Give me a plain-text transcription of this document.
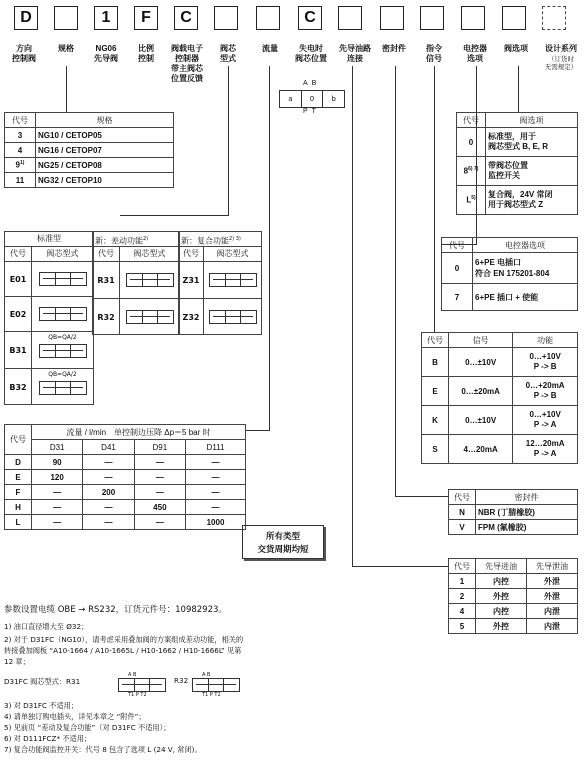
D	1	F	C	C
方向
控制阀
规格	NG06
先导阀
比例
控制
阀载电子
控制器
带主阀芯
位置反馈
阀芯
型式
流量	失电时
阀芯位置
先导油路
连接
密封件	指令
信号
电控器
选项
阀选项	设计系列
（订货时
无需规定）
A B
a	0	b
P T
代号	规格
3	NG10 / CETOP05
4	NG16 / CETOP07
9$^{1)}$	NG25 / CETOP08
11	NG32 / CETOP10
标准型
代号	阀芯型式
E01
E02
B31
QB=QA/2
B32
QB=QA/2
新：差动功能$^{2)}$
代号	阀芯型式
R31
R32
新：复合功能$^{2) 3)}$
代号	阀芯型式
Z31
Z32
代号	流量 / l/min　单控制边压降 Δp＝5 bar 时			
	D31	D41	D91	D111
D	90	—	—	—
E	120	—	—	—
F	—	200	—	—
H	—	—	450	—
L	—	—	—	1000
所有类型
交货周期均短
代号	阀选项
0	标准型，用于
阀芯型式 B, E, R
$8^{6) 7)}$	带阀芯位置
监控开关
$L^{5)}$	复合阀，24V 常闭
用于阀芯型式 Z
代号	电控器选项
0	6+PE 电插口
符合 EN 175201-804
7	6+PE 插口 + 使能
代号	信号	功能
B	0…±10V	0…+10V
P -> B
E	0…±20mA	0…+20mA
P -> B
K	0…±10V	0…+10V
P -> A
S	4…20mA	12…20mA
P -> A
代号	密封件
N	NBR (丁腈橡胶)
V	FPM (氟橡胶)
代号	先导进油	先导泄油
1	内控	外泄
2	外控	外泄
4	内控	内泄
5	外控	内泄
参数设置电缆 OBE → RS232，订货元件号：10982923。
1) 油口直径增大至 Ø32；
2) 对于 D31FC（NG10），请考虑采用叠加阀的方案组成差动功能，相关的
转接叠加阀板 “A10-1664 / A10-1665L / H10-1662 / H10-1666L” 见第
12 章；
D31FC 阀芯型式：R31
A B
T1 P T2
R32
A B
T1 P T2
3) 对 D31FC 不适用；
4) 请单独订购电插头，详见本章之 “附件”；
5) 见前页 “差动及复合功能”（对 D31FC 不适用）；
6) 对 D111FCZ* 不适用；
7) 复合功能阀监控开关：代号 8 包含了选项 L (24 V, 常闭)。
